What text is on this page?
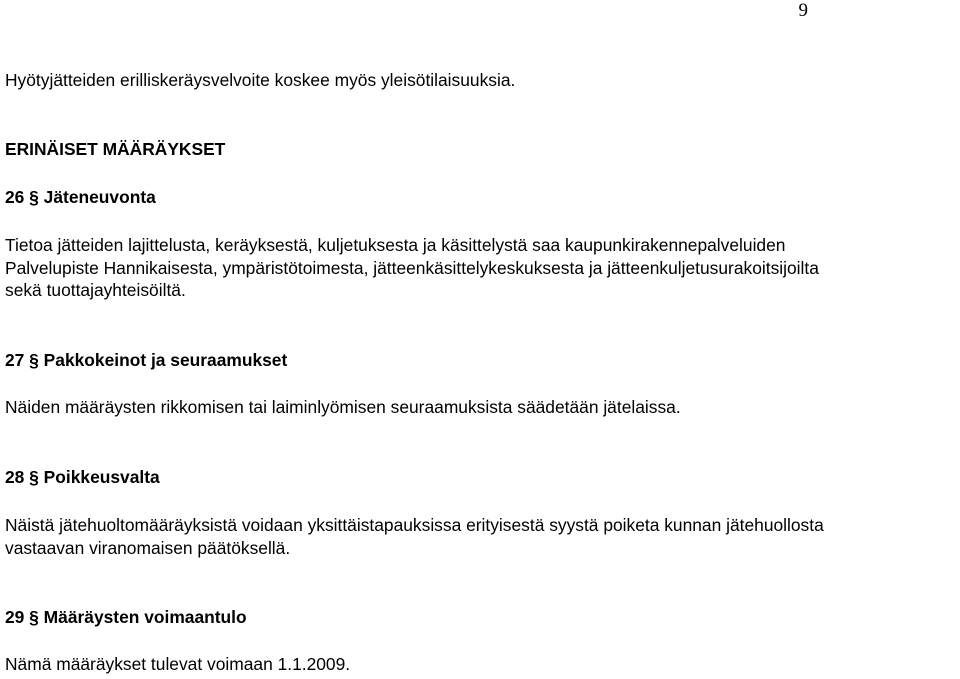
9
Hyötyjätteiden erilliskeräysvelvoite koskee myös yleisötilaisuuksia.
ERINÄISET MÄÄRÄYKSET
26 § Jäteneuvonta
Tietoa jätteiden lajittelusta, keräyksestä, kuljetuksesta ja käsittelystä saa kaupunkirakennepalveluiden
Palvelupiste Hannikaisesta, ympäristötoimesta, jätteenkäsittelykeskuksesta ja jätteenkuljetusurakoitsijoilta
sekä tuottajayhteisöiltä.
27 § Pakkokeinot ja seuraamukset
Näiden määräysten rikkomisen tai laiminlyömisen seuraamuksista säädetään jätelaissa.
28 § Poikkeusvalta
Näistä jätehuoltomääräyksistä voidaan yksittäistapauksissa erityisestä syystä poiketa kunnan jätehuollosta
vastaavan viranomaisen päätöksellä.
29 § Määräysten voimaantulo
Nämä määräykset tulevat voimaan 1.1.2009.
